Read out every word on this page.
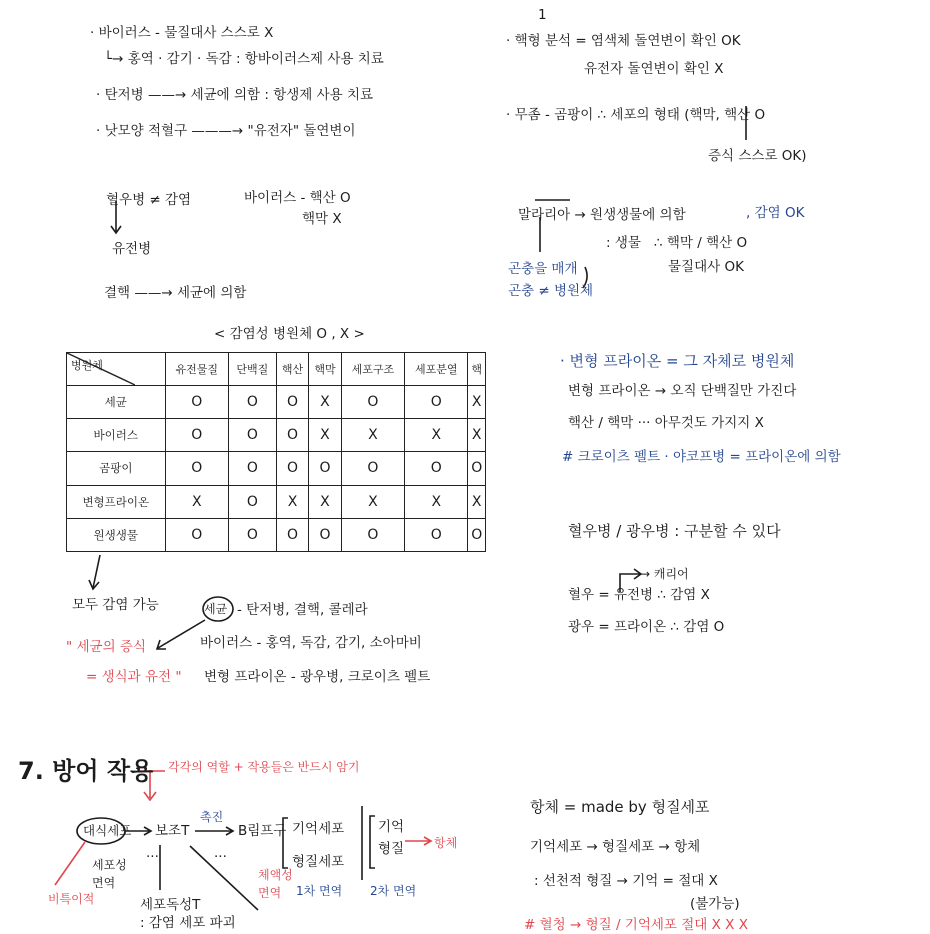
· 바이러스 - 물질대사 스스로 X
└→ 홍역 · 감기 · 독감 : 항바이러스제 사용 치료
· 탄저병 ——→ 세균에 의함 : 항생제 사용 치료
· 낫모양 적혈구 ———→ "유전자" 돌연변이
혈우병 ≠ 감염
유전병
바이러스 - 핵산 O
핵막 X
결핵 ——→ 세균에 의함
< 감염성 병원체 O , X >
병원체	유전물질	단백질	핵산	핵막	세포구조	세포분열	핵
세균	O	O	O	X	O	O	X
바이러스	O	O	O	X	X	X	X
곰팡이	O	O	O	O	O	O	O
변형프라이온	X	O	X	X	X	X	X
원생생물	O	O	O	O	O	O	O
모두 감염 가능	세균 - 탄저병, 결핵, 콜레라
바이러스 - 홍역, 독감, 감기, 소아마비
변형 프라이온 - 광우병, 크로이츠 펠트
" 세균의 증식
= 생식과 유전 "
1
· 핵형 분석 = 염색체 돌연변이 확인 OK
유전자 돌연변이 확인 X
· 무좀 - 곰팡이 ∴ 세포의 형태 (핵막, 핵산 O
증식 스스로 OK)
말라리아 → 원생생물에 의함	, 감염 OK
: 생물 ∴ 핵막 / 핵산 O
물질대사 OK
곤충을 매개
곤충 ≠ 병원체
· 변형 프라이온 = 그 자체로 병원체
변형 프라이온 → 오직 단백질만 가진다
핵산 / 핵막 ··· 아무것도 가지지 X
# 크로이츠 펠트 · 야코프병 = 프라이온에 의함
혈우병 / 광우병 : 구분할 수 있다
→ 캐리어
혈우 = 유전병 ∴ 감염 X
광우 = 프라이온 ∴ 감염 O
7. 방어 작용 각각의 역할 + 작용들은 반드시 암기
대식세포 보조T
촉진
B림프구 기억세포
형질세포
기억
형질 항체
1차 면역 2차 면역
비특이적
세포성 면역
체액성 면역
세포독성T
: 감염 세포 파괴
···	···
항체 = made by 형질세포
기억세포 → 형질세포 → 항체
: 선천적 형질 → 기억 = 절대 X
(불가능)
# 혈청 → 형질 / 기억세포 절대 X X X
